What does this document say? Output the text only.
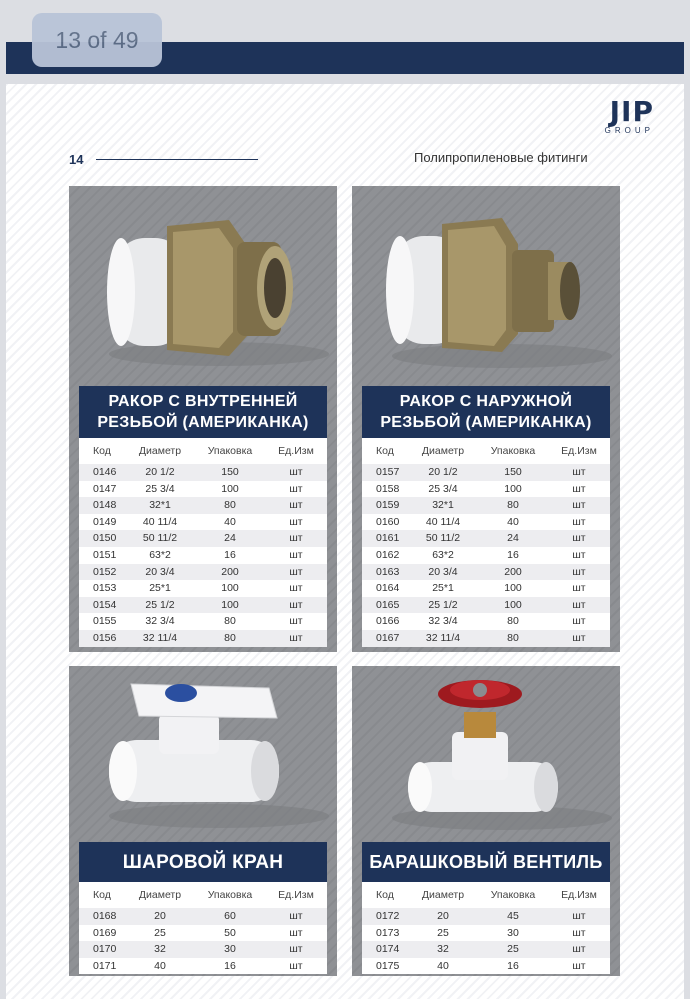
13 of 49
JIP
GROUP
14	Полипропиленовые фитинги
РАКОР С ВНУТРЕННЕЙ
РЕЗЬБОЙ (АМЕРИКАНКА)
Код	Диаметр	Упаковка	Ед.Изм
0146	20 1/2	150	шт
0147	25 3/4	100	шт
0148	32*1	80	шт
0149	40 11/4	40	шт
0150	50 11/2	24	шт
0151	63*2	16	шт
0152	20 3/4	200	шт
0153	25*1	100	шт
0154	25 1/2	100	шт
0155	32 3/4	80	шт
0156	32 11/4	80	шт
РАКОР С НАРУЖНОЙ
РЕЗЬБОЙ (АМЕРИКАНКА)
Код	Диаметр	Упаковка	Ед.Изм
0157	20 1/2	150	шт
0158	25 3/4	100	шт
0159	32*1	80	шт
0160	40 11/4	40	шт
0161	50 11/2	24	шт
0162	63*2	16	шт
0163	20 3/4	200	шт
0164	25*1	100	шт
0165	25 1/2	100	шт
0166	32 3/4	80	шт
0167	32 11/4	80	шт
ШАРОВОЙ КРАН
Код	Диаметр	Упаковка	Ед.Изм
0168	20	60	шт
0169	25	50	шт
0170	32	30	шт
0171	40	16	шт
БАРАШКОВЫЙ ВЕНТИЛЬ
Код	Диаметр	Упаковка	Ед.Изм
0172	20	45	шт
0173	25	30	шт
0174	32	25	шт
0175	40	16	шт
